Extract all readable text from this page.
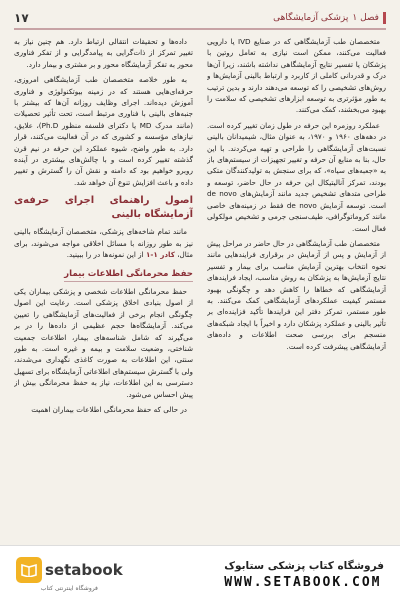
فصل ۱
پزشکی آزمایشگاهی
۱۷

متخصصان طب آزمایشگاهی که در صنایع IVD یا دارویی فعالیت می‌کنند، ممکن است نیازی به تعامل روتین با پزشکان یا تفسیر نتایج آزمایشگاهی نداشته باشند، زیرا آن‌ها درک و قدردانی کاملی از کاربرد و ارتباط بالینی آزمایش‌ها و روش‌های تشخیصی را که توسعه می‌دهند دارند و بدین ترتیب به طور مؤثرتری به توسعه ابزارهای تشخیصی که سلامت را بهبود می‌بخشند، کمک می‌کنند.

عملکرد روزمره این حرفه در طول زمان تغییر کرده است. در دهه‌های ۱۹۶۰ و ۱۹۷۰، به عنوان مثال، شیمیدانان بالینی نسبت‌های آزمایشگاهی را طراحی و تهیه می‌کردند. با این حال، بنا به منابع آن حرفه و تغییر تجهیزات از سیستم‌های باز به «جعبه‌های سیاه»، که برای سنجش به تولیدکنندگان متکی بودند، تمرکز آنالیتیکال این حرفه در حال حاضر، توسعه و طراحی متدهای تشخیص جدید مانند آزمایش‌های de novo است. توسعه آزمایش de novo فقط در زمینه‌های خاصی مانند کروماتوگرافی، طیف‌سنجی جرمی و تشخیص مولکولی فعال است.

متخصصان طب آزمایشگاهی در حال حاضر در مراحل پیش از آزمایش و پس از آزمایش در برقراری فرایندهایی مانند نحوه انتخاب بهترین آزمایش مناسب برای بیمار و تفسیر نتایج آزمایش‌ها به پزشکان به روش مناسب، ایجاد فرایندهای آزمایشگاهی که خطاها را کاهش دهد و چگونگی بهبود مستمر کیفیت عملکردهای آزمایشگاهی کمک می‌کنند. به طور مستمر، تمرکز دفتر این فرایندها تأکید فزاینده‌ای بر تأثیر بالینی و عملکرد پزشکان دارد و اخیراً با ایجاد شبکه‌های منسجم برای بررسی صحت اطلاعات و داده‌های آزمایشگاهی پیشرفت کرده است.

داده‌ها و تحقیقات انتقالی ارتباط دارد. هم چنین نیاز به تغییر تمرکز از ذات‌گرایی به پیامدگرایی و از تفکر فناوری محور به تفکر آزمایشگاه محور و بر مشتری و بیمار دارد.

به طور خلاصه متخصصان طب آزمایشگاهی امروزی، حرفه‌ای‌هایی هستند که در زمینه بیوتکنولوژی و فناوری آموزش دیده‌اند. اجرای وظایف روزانه آن‌ها که بیشتر با جنبه‌های بالینی با فناوری مرتبط است، تحت تأثیر تحصیلات (مانند مدرک MD یا دکترای فلسفه منظور Ph.D)، علایق، نیازهای مؤسسه و کشوری که در آن فعالیت می‌کنند، قرار دارد. به طور واضح، شیوه عملکرد این حرفه در نیم قرن گذشته تغییر کرده است و با چالش‌های بیشتری در آینده روبرو خواهیم بود که دامنه و نقش آن را گسترش و تغییر داده و باعث افزایش تنوع آن خواهد شد.

اصول راهنمای اجرای حرفه‌ی آزمایشگاه بالینی

مانند تمام شاخه‌های پزشکی، متخصصان آزمایشگاه بالینی نیز به طور روزانه با مسائل اخلاقی مواجه می‌شوند، برای مثال، کادر ۱-۱ از این نمونه‌ها در را ببینید.

حفظ محرمانگی اطلاعات بیمار

حفظ محرمانگی اطلاعات شخصی و پزشکی بیماران یکی از اصول بنیادی اخلاق پزشکی است. رعایت این اصول چگونگی انجام برخی از فعالیت‌های آزمایشگاهی را تعیین می‌کند. آزمایشگاه‌ها حجم عظیمی از داده‌ها را در بر می‌گیرند که شامل شناسه‌های بیمار، اطلاعات جمعیت شناختی، وضعیت سلامت و بیمه و غیره است. به طور سنتی، این اطلاعات به صورت کاغذی نگهداری می‌شدند، ولی با گسترش سیستم‌های اطلاعاتی آزمایشگاه برای تسهیل دسترسی به این اطلاعات، نیاز به حفظ محرمانگی بیش از پیش احساس می‌شود.

در حالی که حفظ محرمانگی اطلاعات بیماران اهمیت

فروشگاه کتاب پزشکی ستابوک
WWW.SETABOOK.COM
setabook
فروشگاه اینترنتی کتاب
